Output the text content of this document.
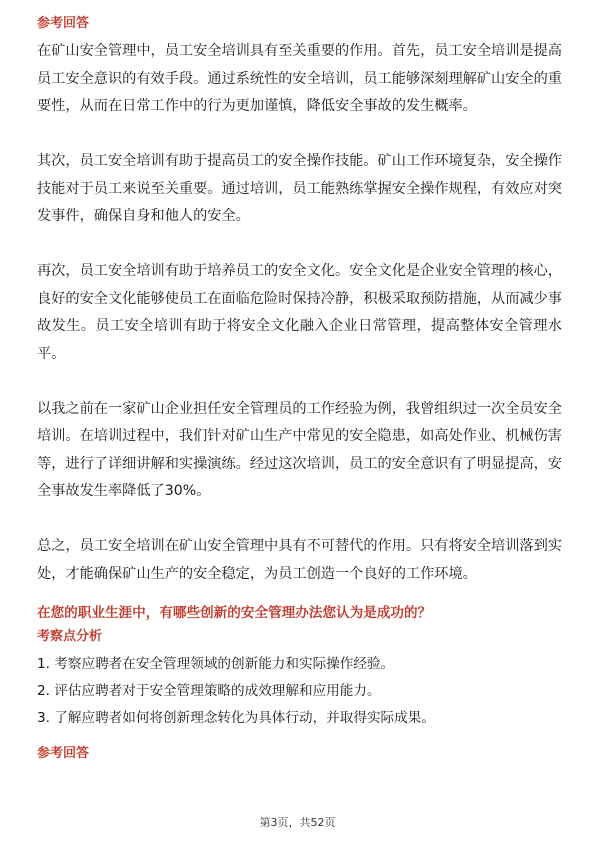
参考回答

在矿山安全管理中，员工安全培训具有至关重要的作用。首先，员工安全培训是提高员工安全意识的有效手段。通过系统性的安全培训，员工能够深刻理解矿山安全的重要性，从而在日常工作中的行为更加谨慎，降低安全事故的发生概率。

其次，员工安全培训有助于提高员工的安全操作技能。矿山工作环境复杂，安全操作技能对于员工来说至关重要。通过培训，员工能熟练掌握安全操作规程，有效应对突发事件，确保自身和他人的安全。

再次，员工安全培训有助于培养员工的安全文化。安全文化是企业安全管理的核心，良好的安全文化能够使员工在面临危险时保持冷静，积极采取预防措施，从而减少事故发生。员工安全培训有助于将安全文化融入企业日常管理，提高整体安全管理水平。

以我之前在一家矿山企业担任安全管理员的工作经验为例，我曾组织过一次全员安全培训。在培训过程中，我们针对矿山生产中常见的安全隐患，如高处作业、机械伤害等，进行了详细讲解和实操演练。经过这次培训，员工的安全意识有了明显提高，安全事故发生率降低了30%。

总之，员工安全培训在矿山安全管理中具有不可替代的作用。只有将安全培训落到实处，才能确保矿山生产的安全稳定，为员工创造一个良好的工作环境。

在您的职业生涯中，有哪些创新的安全管理办法您认为是成功的？
考察点分析
1. 考察应聘者在安全管理领域的创新能力和实际操作经验。
2. 评估应聘者对于安全管理策略的成效理解和应用能力。
3. 了解应聘者如何将创新理念转化为具体行动，并取得实际成果。
参考回答
第3页，共52页
